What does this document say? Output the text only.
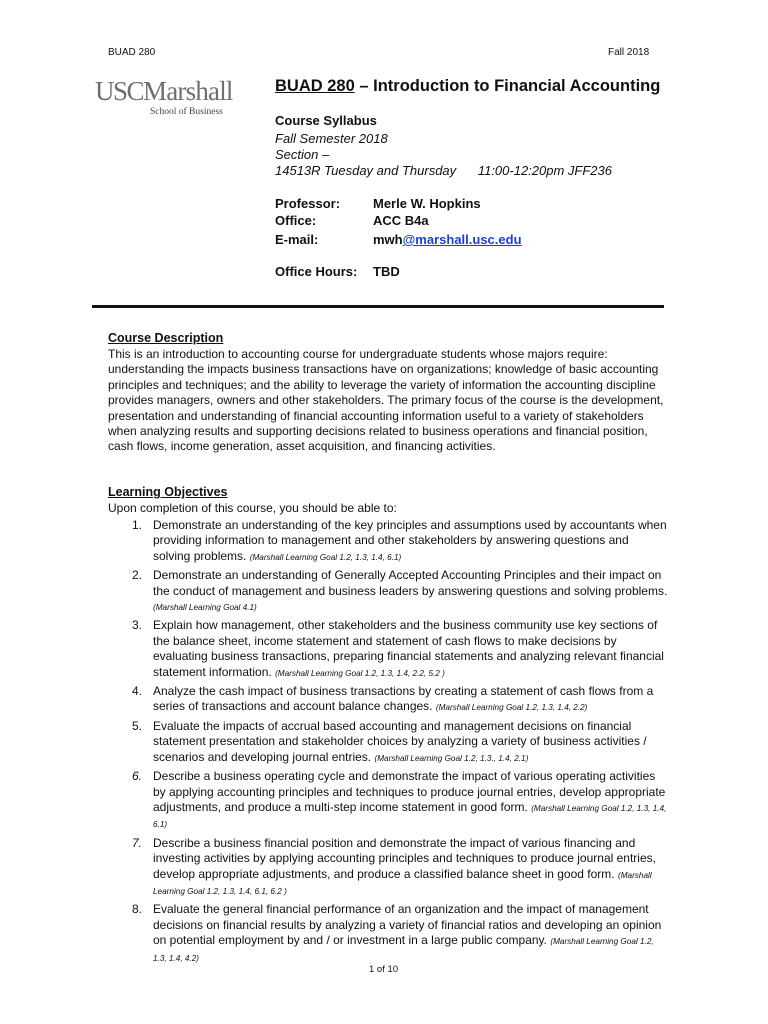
BUAD 280	Fall 2018
USCMarshall
School of Business
BUAD 280 – Introduction to Financial Accounting
Course Syllabus
Fall Semester 2018
Section –
14513R Tuesday and Thursday      11:00-12:20pm JFF236
Professor:	Merle W. Hopkins
Office:	ACC B4a
E-mail:	mwh@marshall.usc.edu
Office Hours: TBD
Course Description
This is an introduction to accounting course for undergraduate students whose majors require: understanding the impacts business transactions have on organizations; knowledge of basic accounting principles and techniques; and the ability to leverage the variety of information the accounting discipline provides managers, owners and other stakeholders. The primary focus of the course is the development, presentation and understanding of financial accounting information useful to a variety of stakeholders when analyzing results and supporting decisions related to business operations and financial position, cash flows, income generation, asset acquisition, and financing activities.
Learning Objectives
Upon completion of this course, you should be able to:
1. Demonstrate an understanding of the key principles and assumptions used by accountants when providing information to management and other stakeholders by answering questions and solving problems. (Marshall Learning Goal 1.2, 1.3, 1.4, 6.1)
2. Demonstrate an understanding of Generally Accepted Accounting Principles and their impact on the conduct of management and business leaders by answering questions and solving problems. (Marshall Learning Goal 4.1)
3. Explain how management, other stakeholders and the business community use key sections of the balance sheet, income statement and statement of cash flows to make decisions by evaluating business transactions, preparing financial statements and analyzing relevant financial statement information. (Marshall Learning Goal 1.2, 1.3, 1.4, 2.2, 5.2 )
4. Analyze the cash impact of business transactions by creating a statement of cash flows from a series of transactions and account balance changes. (Marshall Learning Goal 1.2, 1.3, 1.4, 2.2)
5. Evaluate the impacts of accrual based accounting and management decisions on financial statement presentation and stakeholder choices by analyzing a variety of business activities / scenarios and developing journal entries. (Marshall Learning Goal 1.2, 1.3., 1.4, 2.1)
6. Describe a business operating cycle and demonstrate the impact of various operating activities by applying accounting principles and techniques to produce journal entries, develop appropriate adjustments, and produce a multi-step income statement in good form. (Marshall Learning Goal 1.2, 1.3, 1.4, 6.1)
7. Describe a business financial position and demonstrate the impact of various financing and investing activities by applying accounting principles and techniques to produce journal entries, develop appropriate adjustments, and produce a classified balance sheet in good form. (Marshall Learning Goal 1.2, 1.3, 1.4, 6.1, 6.2 )
8. Evaluate the general financial performance of an organization and the impact of management decisions on financial results by analyzing a variety of financial ratios and developing an opinion on potential employment by and / or investment in a large public company. (Marshall Learning Goal 1.2, 1.3, 1.4, 4.2)
1 of 10
